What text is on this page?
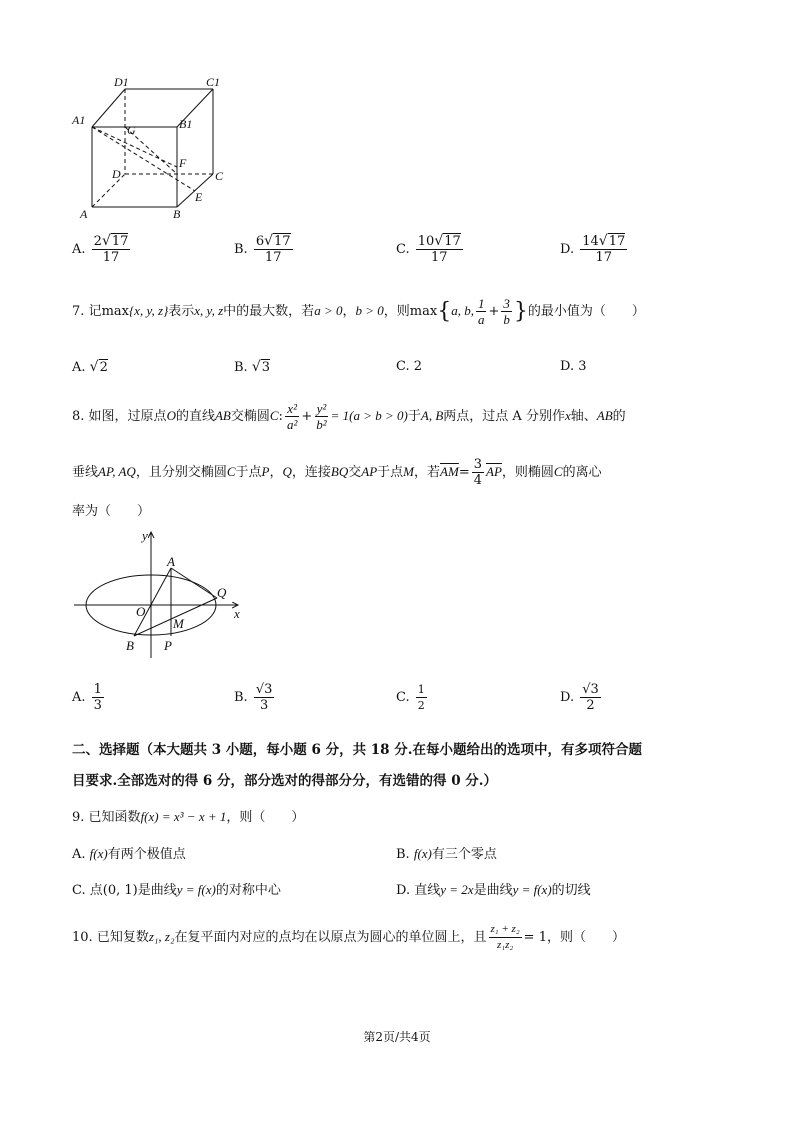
D1	C1
A1
G	B1
F
D	C
E
A	B
A. $\frac{2√17}{17}$	B. $\frac{6√17}{17}$	C. $\frac{10√17}{17}$	D. $\frac{14√17}{17}$
7. 记max{x, y, z}表示x, y, z中的最大数，若a > 0，b > 0，则max{a, b, $\frac{1}{a} + \frac{3}{b}$ }的最小值为（　　）
A. √2	B. √3	C. 2	D. 3
8. 如图，过原点O的直线AB交椭圆C: $\frac{\text{x²}}{\text{a²}} + \frac{\text{y²}}{\text{b²}} = 1(a > b > 0)$于A, B两点，过点 A 分别作x轴、AB的
垂线AP, AQ，且分别交椭圆C于点P，Q，连接BQ交AP于点M，若$\overline{AM}= \frac{3}{4} \overline{AP}$，则椭圆C的离心
率为（　　）
y
A
Q
O	x
M
B P
A. $\frac{1}{3}$	B. $\frac{√3}{3}$	C. $\frac{1}{2}$	D. $\frac{√3}{2}$
二、选择题（本大题共 3 小题，每小题 6 分，共 18 分.在每小题给出的选项中，有多项符合题
目要求.全部选对的得 6 分，部分选对的得部分分，有选错的得 0 分.）
9. 已知函数f(x) = x³ − x + 1，则（　　）
A. f(x)有两个极值点	B. f(x)有三个零点
C. 点(0, 1)是曲线y = f(x)的对称中心	D. 直线y = 2x是曲线y = f(x)的切线
10. 已知复数z₁, z₂在复平面内对应的点均在以原点为圆心的单位圆上，且 $\frac{\text{z₁ + z₂}}{\text{z₁z₂}} = 1$，则（　　）
第2页/共4页
